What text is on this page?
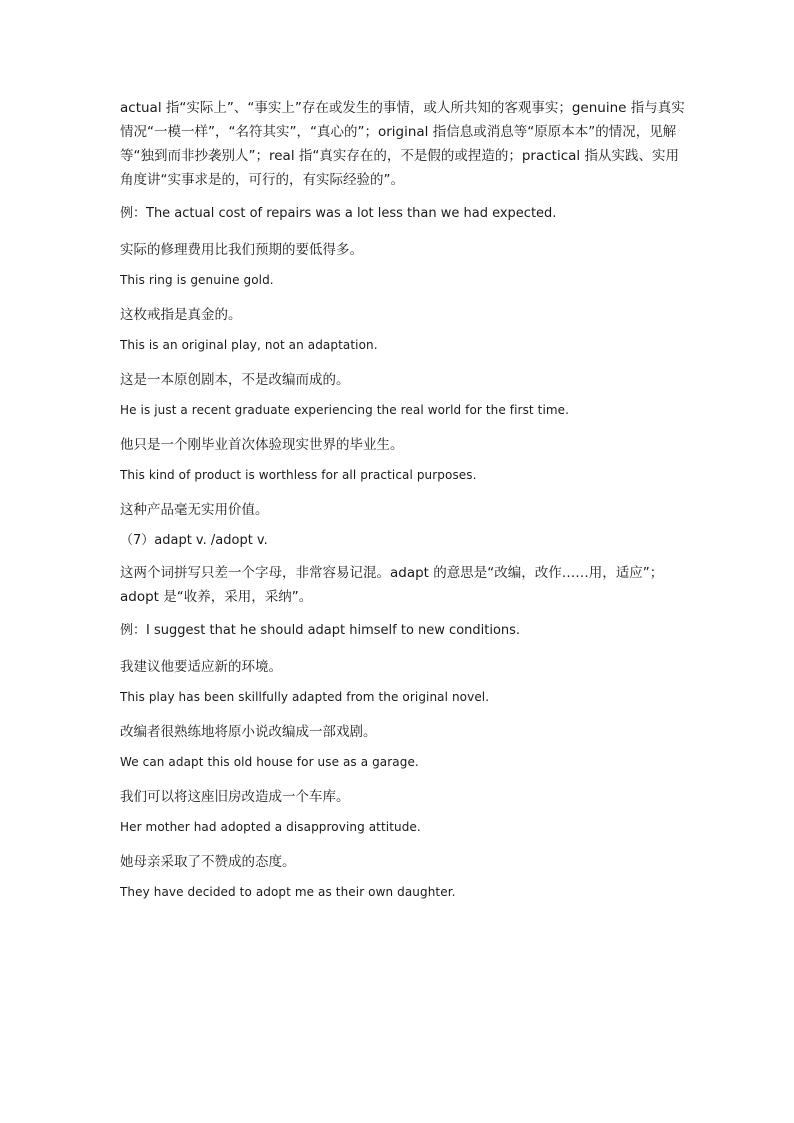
actual 指“实际上”、“事实上”存在或发生的事情，或人所共知的客观事实；genuine 指与真实情况“一模一样”，“名符其实”，“真心的”；original 指信息或消息等“原原本本”的情况，见解等“独到而非抄袭别人”；real 指“真实存在的，不是假的或捏造的；practical 指从实践、实用角度讲“实事求是的，可行的，有实际经验的”。

例：The actual cost of repairs was a lot less than we had expected.

实际的修理费用比我们预期的要低得多。

This ring is genuine gold.

这枚戒指是真金的。

This is an original play, not an adaptation.

这是一本原创剧本，不是改编而成的。

He is just a recent graduate experiencing the real world for the first time.

他只是一个刚毕业首次体验现实世界的毕业生。

This kind of product is worthless for all practical purposes.

这种产品毫无实用价值。

（7）adapt v. /adopt v.

这两个词拼写只差一个字母，非常容易记混。adapt 的意思是“改编，改作……用，适应”；adopt 是“收养，采用，采纳”。

例：I suggest that he should adapt himself to new conditions.

我建议他要适应新的环境。

This play has been skillfully adapted from the original novel.

改编者很熟练地将原小说改编成一部戏剧。

We can adapt this old house for use as a garage.

我们可以将这座旧房改造成一个车库。

Her mother had adopted a disapproving attitude.

她母亲采取了不赞成的态度。

They have decided to adopt me as their own daughter.
